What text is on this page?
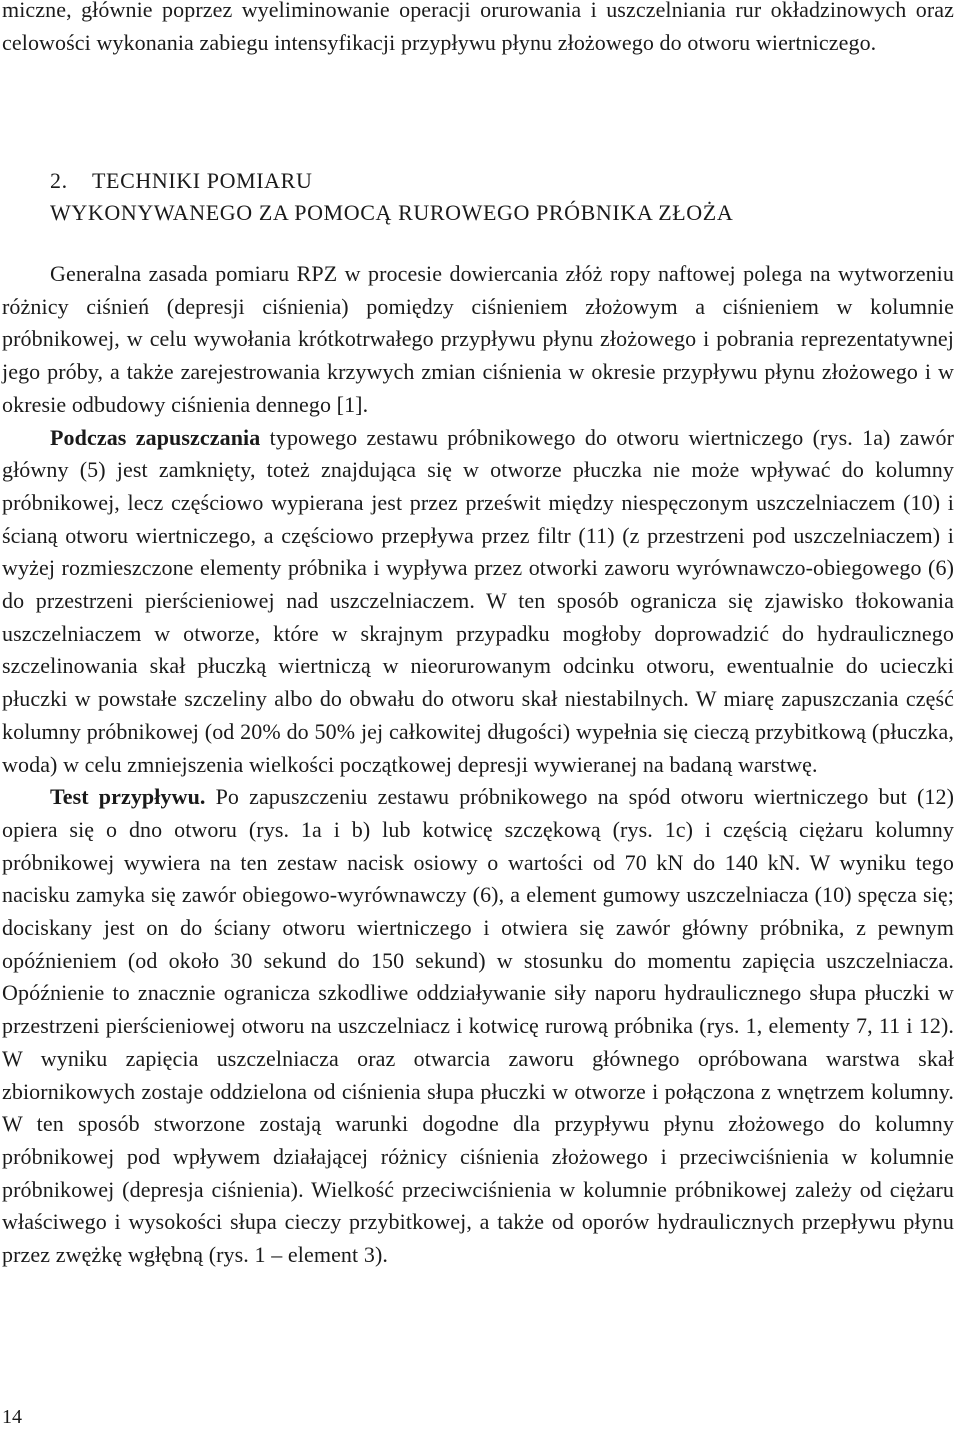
miczne, głównie poprzez wyeliminowanie operacji orurowania i uszczelniania rur okładzinowych oraz celowości wykonania zabiegu intensyfikacji przypływu płynu złożowego do otworu wiertniczego.

2. TECHNIKI POMIARU
WYKONYWANEGO ZA POMOCĄ RUROWEGO PRÓBNIKA ZŁOŻA

Generalna zasada pomiaru RPZ w procesie dowiercania złóż ropy naftowej polega na wytworzeniu różnicy ciśnień (depresji ciśnienia) pomiędzy ciśnieniem złożowym a ciśnieniem w kolumnie próbnikowej, w celu wywołania krótkotrwałego przypływu płynu złożowego i pobrania reprezentatywnej jego próby, a także zarejestrowania krzywych zmian ciśnienia w okresie przypływu płynu złożowego i w okresie odbudowy ciśnienia dennego [1].

Podczas zapuszczania typowego zestawu próbnikowego do otworu wiertniczego (rys. 1a) zawór główny (5) jest zamknięty, toteż znajdująca się w otworze płuczka nie może wpływać do kolumny próbnikowej, lecz częściowo wypierana jest przez prześwit między niespęczonym uszczelniaczem (10) i ścianą otworu wiertniczego, a częściowo przepływa przez filtr (11) (z przestrzeni pod uszczelniaczem) i wyżej rozmieszczone elementy próbnika i wypływa przez otworki zaworu wyrównawczo-obiegowego (6) do przestrzeni pierścieniowej nad uszczelniaczem. W ten sposób ogranicza się zjawisko tłokowania uszczelniaczem w otworze, które w skrajnym przypadku mogłoby doprowadzić do hydraulicznego szczelinowania skał płuczką wiertniczą w nieorurowanym odcinku otworu, ewentualnie do ucieczki płuczki w powstałe szczeliny albo do obwału do otworu skał niestabilnych. W miarę zapuszczania część kolumny próbnikowej (od 20% do 50% jej całkowitej długości) wypełnia się cieczą przybitkową (płuczka, woda) w celu zmniejszenia wielkości początkowej depresji wywieranej na badaną warstwę.

Test przypływu. Po zapuszczeniu zestawu próbnikowego na spód otworu wiertniczego but (12) opiera się o dno otworu (rys. 1a i b) lub kotwicę szczękową (rys. 1c) i częścią ciężaru kolumny próbnikowej wywiera na ten zestaw nacisk osiowy o wartości od 70 kN do 140 kN. W wyniku tego nacisku zamyka się zawór obiegowo-wyrównawczy (6), a element gumowy uszczelniacza (10) spęcza się; dociskany jest on do ściany otworu wiertniczego i otwiera się zawór główny próbnika, z pewnym opóźnieniem (od około 30 sekund do 150 sekund) w stosunku do momentu zapięcia uszczelniacza. Opóźnienie to znacznie ogranicza szkodliwe oddziaływanie siły naporu hydraulicznego słupa płuczki w przestrzeni pierścieniowej otworu na uszczelniacz i kotwicę rurową próbnika (rys. 1, elementy 7, 11 i 12). W wyniku zapięcia uszczelniacza oraz otwarcia zaworu głównego opróbowana warstwa skał zbiornikowych zostaje oddzielona od ciśnienia słupa płuczki w otworze i połączona z wnętrzem kolumny. W ten sposób stworzone zostają warunki dogodne dla przypływu płynu złożowego do kolumny próbnikowej pod wpływem działającej różnicy ciśnienia złożowego i przeciwciśnienia w kolumnie próbnikowej (depresja ciśnienia). Wielkość przeciwciśnienia w kolumnie próbnikowej zależy od ciężaru właściwego i wysokości słupa cieczy przybitkowej, a także od oporów hydraulicznych przepływu płynu przez zwężkę wgłębną (rys. 1 – element 3).

14
